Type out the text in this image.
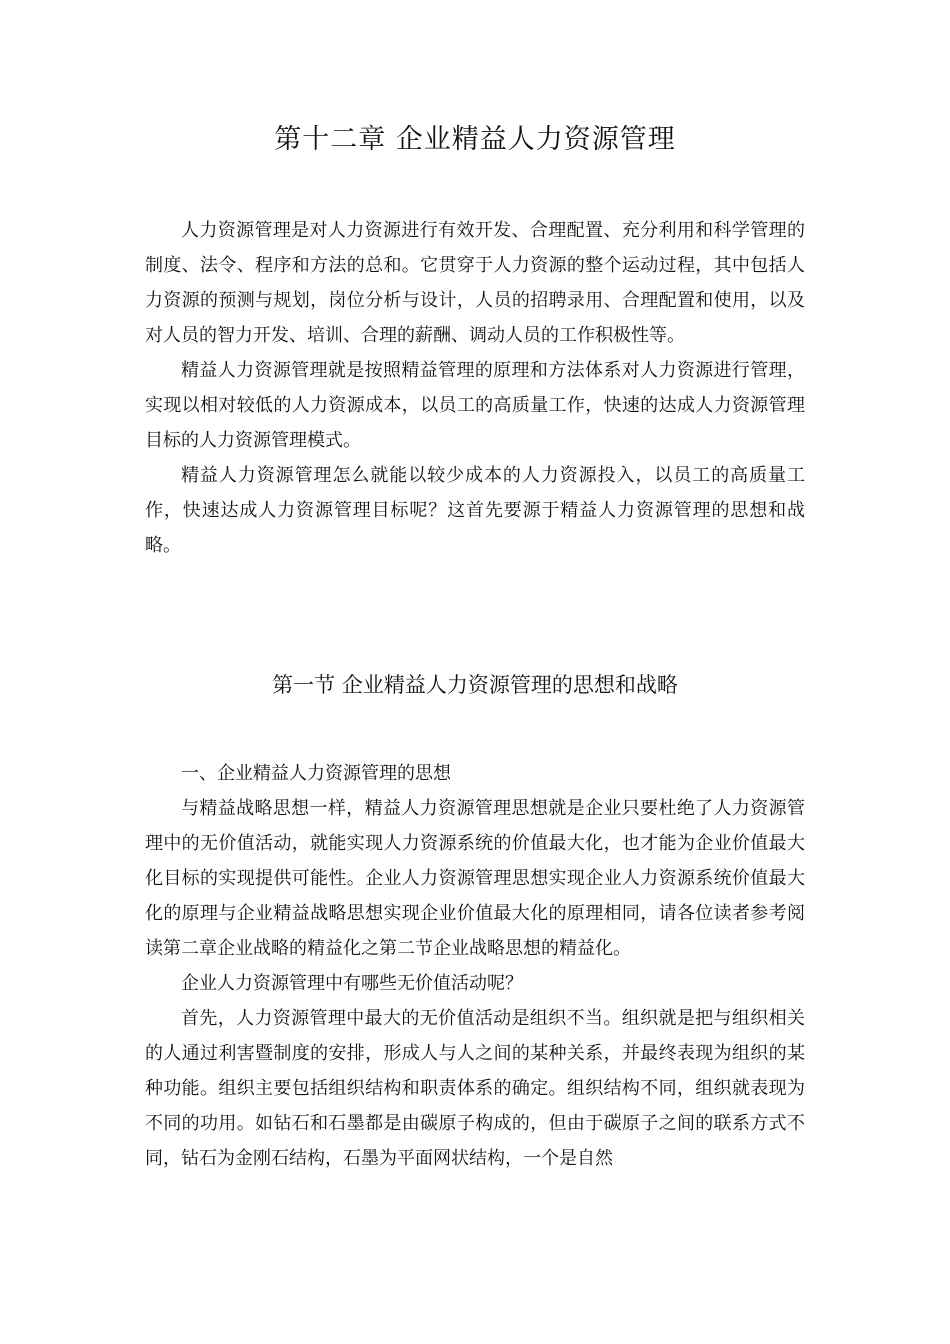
第十二章 企业精益人力资源管理

人力资源管理是对人力资源进行有效开发、合理配置、充分利用和科学管理的制度、法令、程序和方法的总和。它贯穿于人力资源的整个运动过程，其中包括人力资源的预测与规划，岗位分析与设计，人员的招聘录用、合理配置和使用，以及对人员的智力开发、培训、合理的薪酬、调动人员的工作积极性等。

精益人力资源管理就是按照精益管理的原理和方法体系对人力资源进行管理，实现以相对较低的人力资源成本，以员工的高质量工作，快速的达成人力资源管理目标的人力资源管理模式。

精益人力资源管理怎么就能以较少成本的人力资源投入，以员工的高质量工作，快速达成人力资源管理目标呢？这首先要源于精益人力资源管理的思想和战略。

第一节 企业精益人力资源管理的思想和战略
一、企业精益人力资源管理的思想

与精益战略思想一样，精益人力资源管理思想就是企业只要杜绝了人力资源管理中的无价值活动，就能实现人力资源系统的价值最大化，也才能为企业价值最大化目标的实现提供可能性。企业人力资源管理思想实现企业人力资源系统价值最大化的原理与企业精益战略思想实现企业价值最大化的原理相同，请各位读者参考阅读第二章企业战略的精益化之第二节企业战略思想的精益化。

企业人力资源管理中有哪些无价值活动呢？

首先，人力资源管理中最大的无价值活动是组织不当。组织就是把与组织相关的人通过利害暨制度的安排，形成人与人之间的某种关系，并最终表现为组织的某种功能。组织主要包括组织结构和职责体系的确定。组织结构不同，组织就表现为不同的功用。如钻石和石墨都是由碳原子构成的，但由于碳原子之间的联系方式不同，钻石为金刚石结构，石墨为平面网状结构，一个是自然
